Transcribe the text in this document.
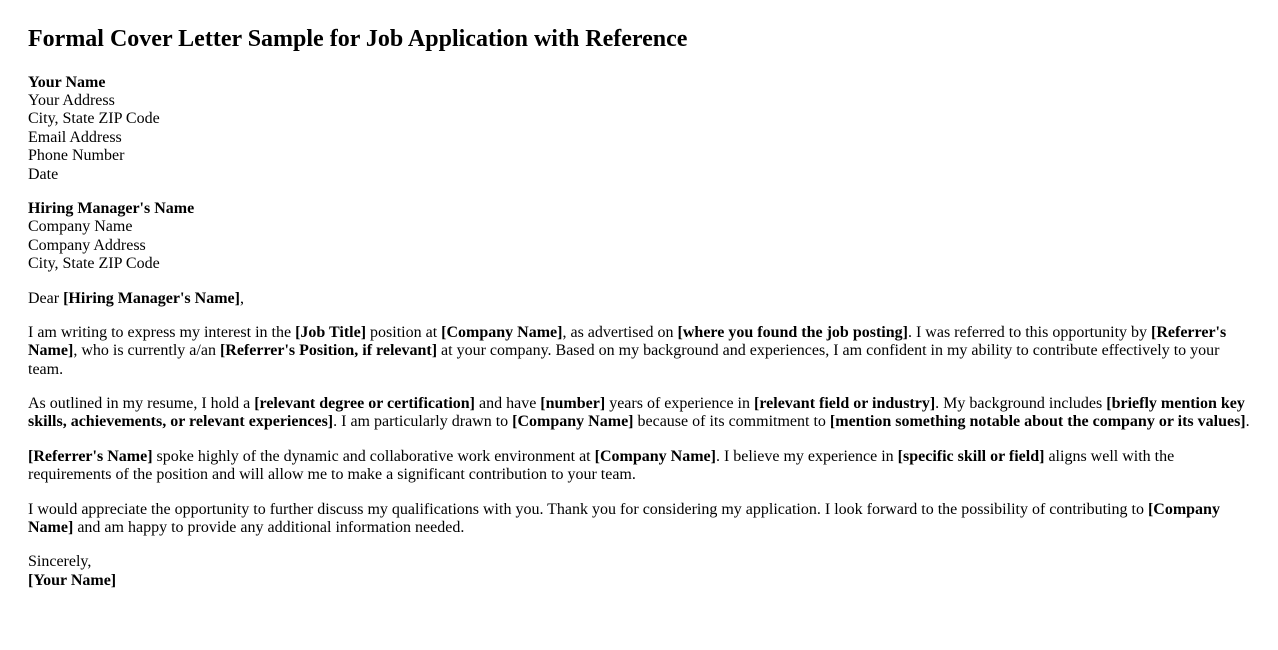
Formal Cover Letter Sample for Job Application with Reference

Your Name
Your Address
City, State ZIP Code
Email Address
Phone Number
Date

Hiring Manager's Name
Company Name
Company Address
City, State ZIP Code

Dear [Hiring Manager's Name],

I am writing to express my interest in the [Job Title] position at [Company Name], as advertised on [where you found the job posting]. I was referred to this opportunity by [Referrer's Name], who is currently a/an [Referrer's Position, if relevant] at your company. Based on my background and experiences, I am confident in my ability to contribute effectively to your team.

As outlined in my resume, I hold a [relevant degree or certification] and have [number] years of experience in [relevant field or industry]. My background includes [briefly mention key skills, achievements, or relevant experiences]. I am particularly drawn to [Company Name] because of its commitment to [mention something notable about the company or its values].

[Referrer's Name] spoke highly of the dynamic and collaborative work environment at [Company Name]. I believe my experience in [specific skill or field] aligns well with the requirements of the position and will allow me to make a significant contribution to your team.

I would appreciate the opportunity to further discuss my qualifications with you. Thank you for considering my application. I look forward to the possibility of contributing to [Company Name] and am happy to provide any additional information needed.

Sincerely,
[Your Name]
